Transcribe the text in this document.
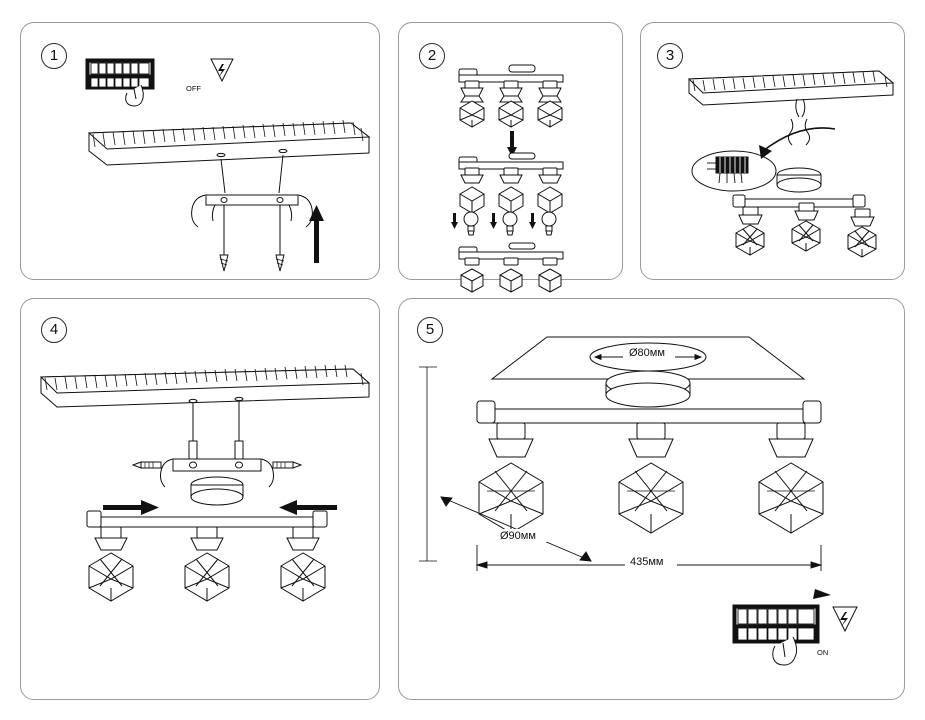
1
OFF
2	3
4	5
Ø80мм
Ø90мм
435мм
ON
